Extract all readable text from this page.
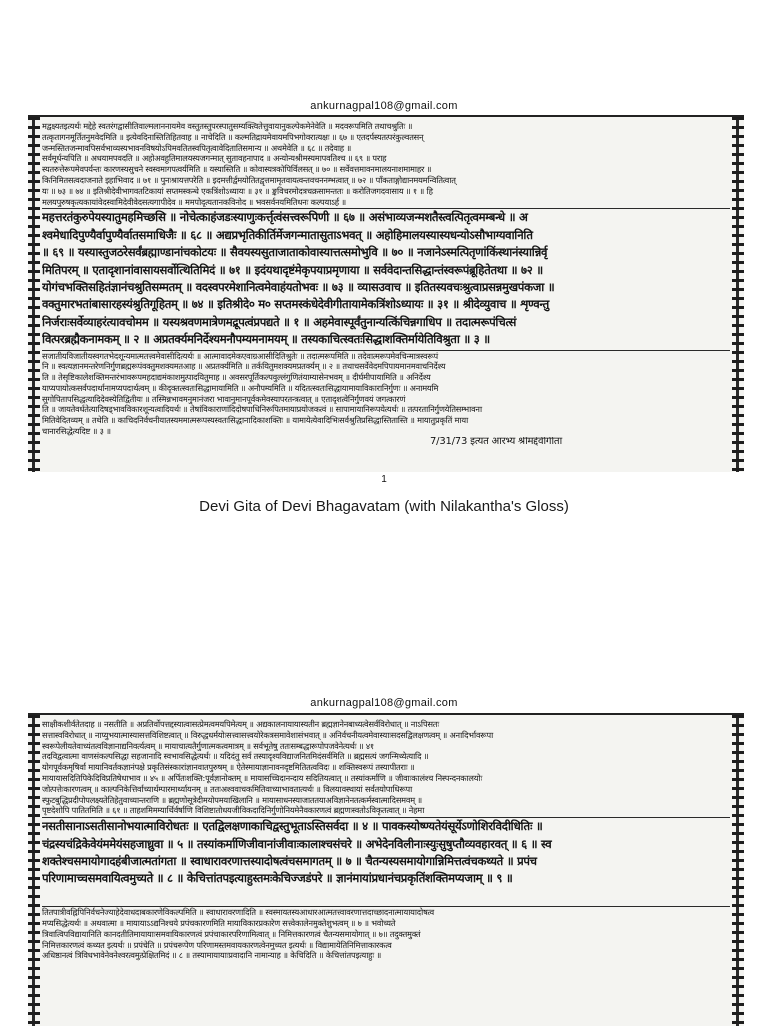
ankurnagpal108@gmail.com
मद्वक्ष्यतइत्यर्थः मद्देहे स्वतरंगद्वासीतिवाल्मलाननायमेव वस्तुतस्तुपरस्पातुसम्यक्त्वितेत्तुवायानुकल्पेकमेनेवेति ॥ मदवरूपमिति तथाचश्रुतिः ॥
तत्कृतागनमूर्तितनुमवेदमिति ॥ इत्येवदिनास्तितिहितवाह ॥ नाचेदिति ॥ कल्मतिद्रायमेवायमपिभगोवरात्यक्षः ॥ ६७ ॥ एतदर्पस्यतत्परंकुल्वतसन्
जन्मस्तितजन्मावपिसर्वभाव्यस्यभावनविषयोऽपिमवतितस्वपितृत्वावेदितातिसमान्य ॥ अथमेवेति ॥ ६८ ॥ तदेवाह ॥
सर्वमूर्धन्यपिति ॥ अधयामपवदति ॥ अहोअवहुतिमालयस्यजगन्मात् सुतावहनापाद ॥ अन्योन्यश्रीमस्यमापवतिश्च ॥ ६९ ॥ पराह
स्यतरुत्तेरूपमेवपर्यन्तः कारणस्यसुचने स्वस्वमागपत्वर्यमिति ॥ यस्यास्तिति ॥ कोवास्यत्रकोपिर्विलसत् ॥ ७० ॥ सर्वेवत्तमावनमालयनाशमामाहर ॥
किनिमितसत्वदाजनाते इहाभिवाद ॥ ७१ ॥ पुनःश्रायत्तपरेति ॥ इदमत्तीर्द्वमयोतितद्वृत्तमामृतवायत्वन्तवचननम्भत्वात् ॥ ७२ ॥ पाँकताङ्गोद्यानमयमन्वितित्वात्
यः ॥ ७३ ॥ ७४ ॥ इतिश्रीदेवीभागवतटिकायां सप्तमस्कन्धे एकत्रिंशोऽध्यायः ॥ ३१ ॥ ङ्कविचरमोदत्रचक्रसामन्ततः ॥ करोतिजगदवासाय ॥ १ ॥ हि
मलयपुरुषकृत्यकायांवेदस्वामिदेवीवेदसत्यगापीदेव ॥ ममपोदृत्यतानकविनोद ॥ भवसर्वनयमितिधनः कल्पयाऽर्ह ॥
महत्तरतंकुरुपेयस्यातुमहमिच्छसि ॥ नोचेत्काहंजडःस्याणुःकर्त्तृत्वंसत्त्वरूपिणी ॥ ६७ ॥ असंभाव्यजन्मशतैस्त्वत्पितृत्वमम्बन्धे ॥ अ
श्वमेधादिपुण्यैर्वापुण्यैर्वातसमाधिजैः ॥ ६८ ॥ अद्यप्रभृतिकीर्तिर्मेजगन्मातासुताऽभवत् ॥ अहोहिमालयस्यास्यधन्योऽसौभाग्यवानिति
॥ ६९ ॥ यस्यास्तुजठरेसर्वंब्रह्माण्डानांचकोटयः ॥ सैवयस्यसुताजाताकोवास्यात्तत्समोभुवि ॥ ७० ॥ नजानेऽस्मत्पितृणांकिंस्थानंस्यान्निर्वृ
मितिपरम् ॥ एतादृशानांवासायसर्वोत्थितिमिदं ॥ ७१ ॥ इदंयथादृष्टंमेकृपयाप्रमृणाया ॥ सर्ववेदान्तसिद्धान्तंस्वरूपंब्रूहितेतथा ॥ ७२ ॥
योगंचभक्तिसहितंज्ञानंचश्रुतिसम्मतम् ॥ वदस्वपरमेशानित्वमेवाहंयतोभवः ॥ ७३ ॥ व्यासउवाच ॥ इतितस्यवचःश्रुत्वाप्रसन्नमुखपंकजा ॥
वक्तुमारभतांबासारहस्यंश्रुतिगूहितम् ॥ ७४ ॥ इतिश्रीदे० म० सप्तमस्कंधेदेवीगीतायामेकत्रिंशोऽध्यायः ॥ ३१ ॥ श्रीदेव्युवाच ॥ शृण्वन्तु
निर्जराःसर्वेव्याहरंत्यावचोमम ॥ यस्यश्रवणमात्रेणमद्रूपत्वंप्रपद्यते ॥ १ ॥ अहमेवास्पूर्वंतुनान्यत्किंचिन्नगाधिप ॥ तदात्मरूपंचित्सं
वित्परब्रह्मैकनामकम् ॥ २ ॥ अप्रतर्क्यमनिर्देश्यमनौपम्यमनामयम् ॥ तस्यकाचित्स्वतःसिद्धाशक्तिर्मायेतिविश्रुता ॥ ३ ॥
सजातीयविजातीयस्वगतभेदशून्यमात्मतत्त्वमेवासीदित्यर्थः ॥ आत्मावादमेकएवाग्रआसीदितिश्रुतेः ॥ तदात्मरूपमिति ॥ तदेवात्मरूपमेवचिन्मात्रस्वरूपं
नि ॥ स्वत्यज्ञानमन्तरेणनिर्गुणब्रह्मरूपंवक्तुमशक्यमतआह ॥ अप्रतर्क्यमिति ॥ तर्कयितुमशक्यमप्रतर्क्यम् ॥ २ ॥ तथाचसर्वेवेदमपिपायमानमवाचनिर्देश्य
ति ॥ तेसृष्टिकालेशक्तिमन्तरंभावरूपमहदाद्यमंकाशमुत्पादयितुमाह ॥ अवसरपूर्तिकल्पवुल्लंगुणितंयाम्यासेनभवम् ॥ दीर्घमीपायामिति ॥ अनिर्देश्य
याप्यपायोत्कसर्वपदार्थानामप्यपदार्थत्वम् ॥ कीदृक्तत्स्वतःसिद्धामायामिति ॥ अनौपम्यमिति ॥ यदितत्स्वतःसिद्धायामायाविकारानिर्गुणः ॥ अनामयमि
सुगोपितापसिद्धत्यादिदेवस्येतिद्वितीयः ॥ तस्मिन्नभावमनुमानंजरा भावानुमानपूर्वकमेवस्यापरतन्त्रत्वात् ॥ एतादृशत्वेनिर्गुणवयं जगत्कारणं
ति ॥ जायतेवर्धतेत्यादिषड्भावविकारशून्यत्वादियर्थः ॥ तेषांविकाराणांदिदोषपाधिनिरूपितमायाप्रयोजकत्वं ॥ सापामायानिरूपयेत्यर्थः ॥ तत्परतानिर्गुणयेतिसम्भावना
मितिवेदितव्यम् ॥ तथेति ॥ काचिदनिर्वचनीयातस्यममात्मरूपस्यस्वतःसिद्धानादिकाशक्तिः ॥ यामायेत्येवादिभिःसर्वश्रुतिप्रसिद्धास्तितास्ति ॥ मायातुप्रकृतिं माया
चानारसिद्धेत्यदिष्ट ॥ ३ ॥
7/31/73 इत्यत आरभ्य श्रीमद्देवीगीता
1
Devi Gita of Devi Bhagavatam (with Nilakantha's Gloss)
ankurnagpal108@gmail.com
साक्षीकशीर्वतेतदाह ॥ नसतीति ॥ अप्रतिर्वोपत्तद्दस्यात्वासत्प्रेमत्वमयपिमेत्यम् ॥ अद्यकालनायायास्यतीन ब्रह्मज्ञानेनबाध्यत्वेसर्वविरोधात् ॥ नाऽपिसतः
सत्तास्वविरोधात् ॥ नाप्युभयात्मास्यासत्तविशिष्टत्वात् ॥ विरुद्धधर्मयोःसत्त्वासत्त्वयोरेकत्रसमावेशासंभवात् ॥ अनिर्वचनीयत्वमेवास्याःसदसद्विलक्षणत्वम् ॥ अनादिर्भावरूपा
स्वरूपेलीयतेवाच्यंतत्वविज्ञानाद्यनिवर्त्यत्वम् ॥ मायाचात्यतैर्गुणात्मकत्वमात्रम् ॥ सर्वभूतेषु ततःसम्बद्धारूपोपजवेनेत्यर्थः ॥ ४१
तदविद्वत्वात्मा वाणसंकल्पसिद्धा सहजानादि स्वभावसिद्धेत्यर्थः ॥ यदिदंतु सर्व तस्यादृश्यविद्याजनितमिदंसर्वमिति ॥ ब्रह्मसत्यं जगन्मिथ्येत्यादि ॥
योगपूर्वकमृषिर्वा मायानिवर्तकज्ञानंपक्षे प्रकृतिसंस्कारांज्ञानवातपुरुषम् ॥ ऐतेस्मायाज्ञानावनदृष्टमितितत्वविदः ॥ शक्तिस्वरूपं तस्यापीतराः ॥
मायायासदितिपिकेदिविप्रतिषेधाभाव ॥ ४५ ॥ अर्पितःशक्ति:पूर्वज्ञानोक्तम् ॥ मायासच्चिदानन्दाय सदितियत्वात् ॥ तस्यांकर्माणि ॥ जीवाःकालंश्च निस्पन्दनकालयोः
जोत्पत्तेःकारणत्वम् ॥ काल्पनिकेत्तिर्वाच्यार्थम्पारमार्थ्यायनम् ॥ ततःअश्ववाचकमितिवाच्याभावतात्यर्थः ॥ विलयावस्थायां सर्वतयोपाधिरूपा
स्फुटबुद्धिप्रदीपोपलक्ष्यतेतिहेतुवाच्यान्तराणि ॥ ब्रह्मणोसूत्रेदीमयोपमयाखिलानि ॥ मायासाधनस्याजाततयाअविज्ञानेनतत्कर्मस्वात्मादिसमवम् ॥
पृष्टदेशोपि पातितमिति ॥ ६१ ॥ ताहशमिमम्यार्थिर्वर्षाणि विशिष्टातोधयजीविकदादिनिर्गुणोनियमेनैवकारणत्वं ब्रह्मणःस्वतोऽविकृतत्वात् ॥ नेहमा
नसतीसानाऽसतीसानोभयात्माविरोधतः ॥ एतद्विलक्षणाकाचिद्वस्तुभूताऽस्तिसर्वदा ॥ ४ ॥ पावकस्योष्ण्यतेयंसूर्येऽणोशिरविदीधितिः ॥
चंद्रस्यचंद्रिकेवेयंममेयंसहजाध्रुवा ॥ ५ ॥ तस्यांकर्माणिजीवानांजीवाःकालाश्चसंचरे ॥ अभेदेनविलीनाःस्युःसुषुप्तौव्यवहारवत् ॥ ६ ॥ स्व
शक्तेश्चसमायोगादहंबीजात्मतांगता ॥ स्वाधारावरणात्तस्यादोषत्वंचसमागतम् ॥ ७ ॥ चैतन्यस्यसमायोगान्निमित्तत्वंचकथ्यते ॥ प्रपंच
परिणामाच्चसमवायित्वमुच्यते ॥ ८ ॥ केचित्तांतपइत्याहुस्तमःकेचिज्जडंपरे ॥ ज्ञानंमायांप्रधानंचप्रकृतिंशक्तिमप्यजाम् ॥ ९ ॥
तितपात्रीवह्निपिनिर्वचनेज्याहेदेवाधदाबकारणेविकल्पमिति ॥ स्वाधारावरणादिति ॥ स्वस्मायतस्यआधारआत्मतत्त्वावरणात्तदाच्छादनात्मायायादोषत्व
मप्यसिद्धेत्यर्थः ॥ अथवात्मा ॥ मायायाऽऽद्यनिश्चये प्रपंचकारणमिति मायाविकारप्रकारेण सत्त्वेकालेनमुक्तेशुभत्वम् ॥ ७ ॥ भवोच्यते
त्रिवात्विपविद्यायानिति कानदतीतिमायायाःसमवायिकारणत्वं प्रपंचाकारपरिणामित्वात् ॥ निमित्तकारणत्वं चैतन्यसमायोगात् ॥ ७॥ तदुक्तमुक्तं
निमित्तकारणत्वं कथ्यत इत्यर्थः ॥ प्रपंचेति ॥ प्रपंचरूपेण परिणामस्तमवायकारणत्वेनमुच्यत इत्यर्थः ॥ विद्यामायेतिनिमित्ताकारकत्व
अधिष्ठानत्वं त्रिविधभावेनेवनेश्वरत्वमुत्प्रेक्षितमिदं ॥ ८ ॥ तस्यामायायाःप्रवादानि नामान्याह ॥ केचिदिति ॥ केचित्तांतपइत्याहुः ॥
